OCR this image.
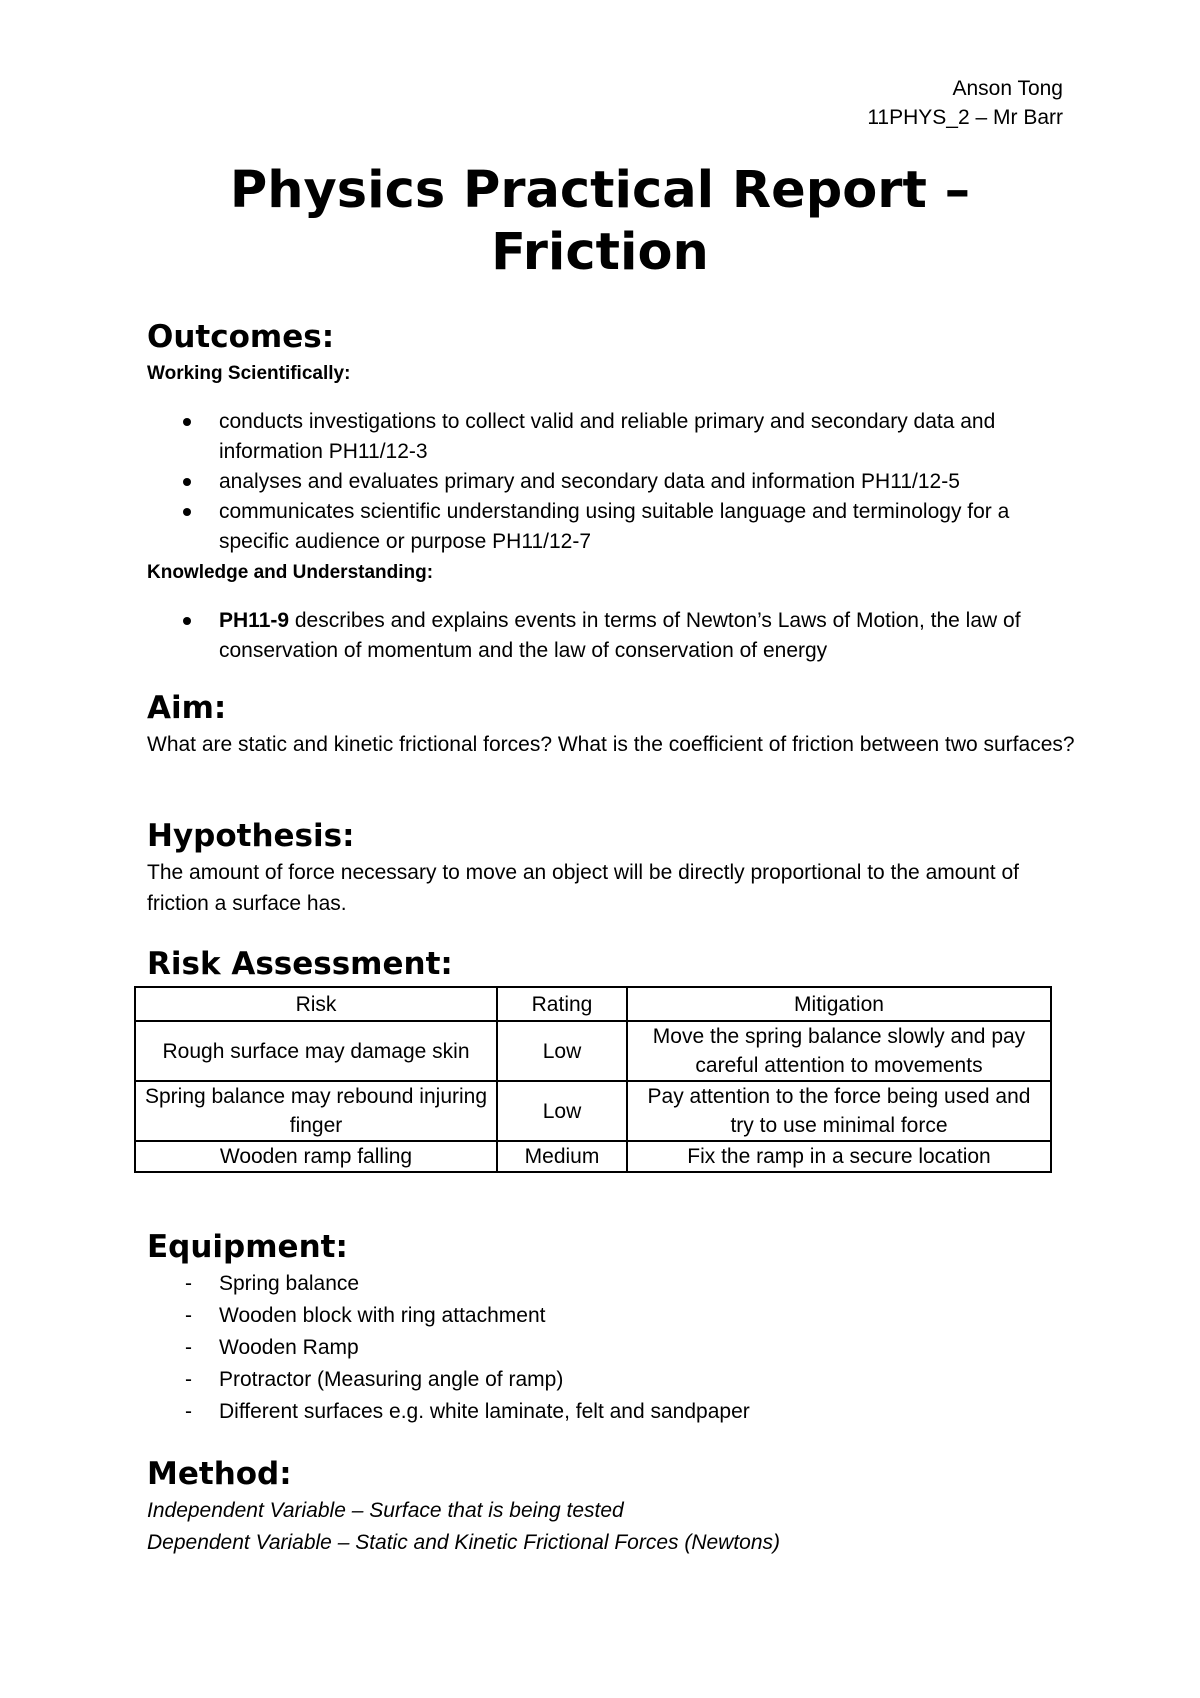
Anson Tong
11PHYS_2 – Mr Barr
Physics Practical Report –
Friction
Outcomes:
Working Scientifically:
conducts investigations to collect valid and reliable primary and secondary data and information PH11/12-3
analyses and evaluates primary and secondary data and information PH11/12-5
communicates scientific understanding using suitable language and terminology for a specific audience or purpose PH11/12-7
Knowledge and Understanding:
PH11-9 describes and explains events in terms of Newton’s Laws of Motion, the law of conservation of momentum and the law of conservation of energy
Aim:
What are static and kinetic frictional forces? What is the coefficient of friction between two surfaces?
Hypothesis:
The amount of force necessary to move an object will be directly proportional to the amount of friction a surface has.
Risk Assessment:
Risk	Rating	Mitigation
Rough surface may damage skin	Low	Move the spring balance slowly and pay careful attention to movements
Spring balance may rebound injuring finger	Low	Pay attention to the force being used and try to use minimal force
Wooden ramp falling	Medium	Fix the ramp in a secure location
Equipment:
- Spring balance
- Wooden block with ring attachment
- Wooden Ramp
- Protractor (Measuring angle of ramp)
- Different surfaces e.g. white laminate, felt and sandpaper
Method:
Independent Variable – Surface that is being tested
Dependent Variable – Static and Kinetic Frictional Forces (Newtons)
